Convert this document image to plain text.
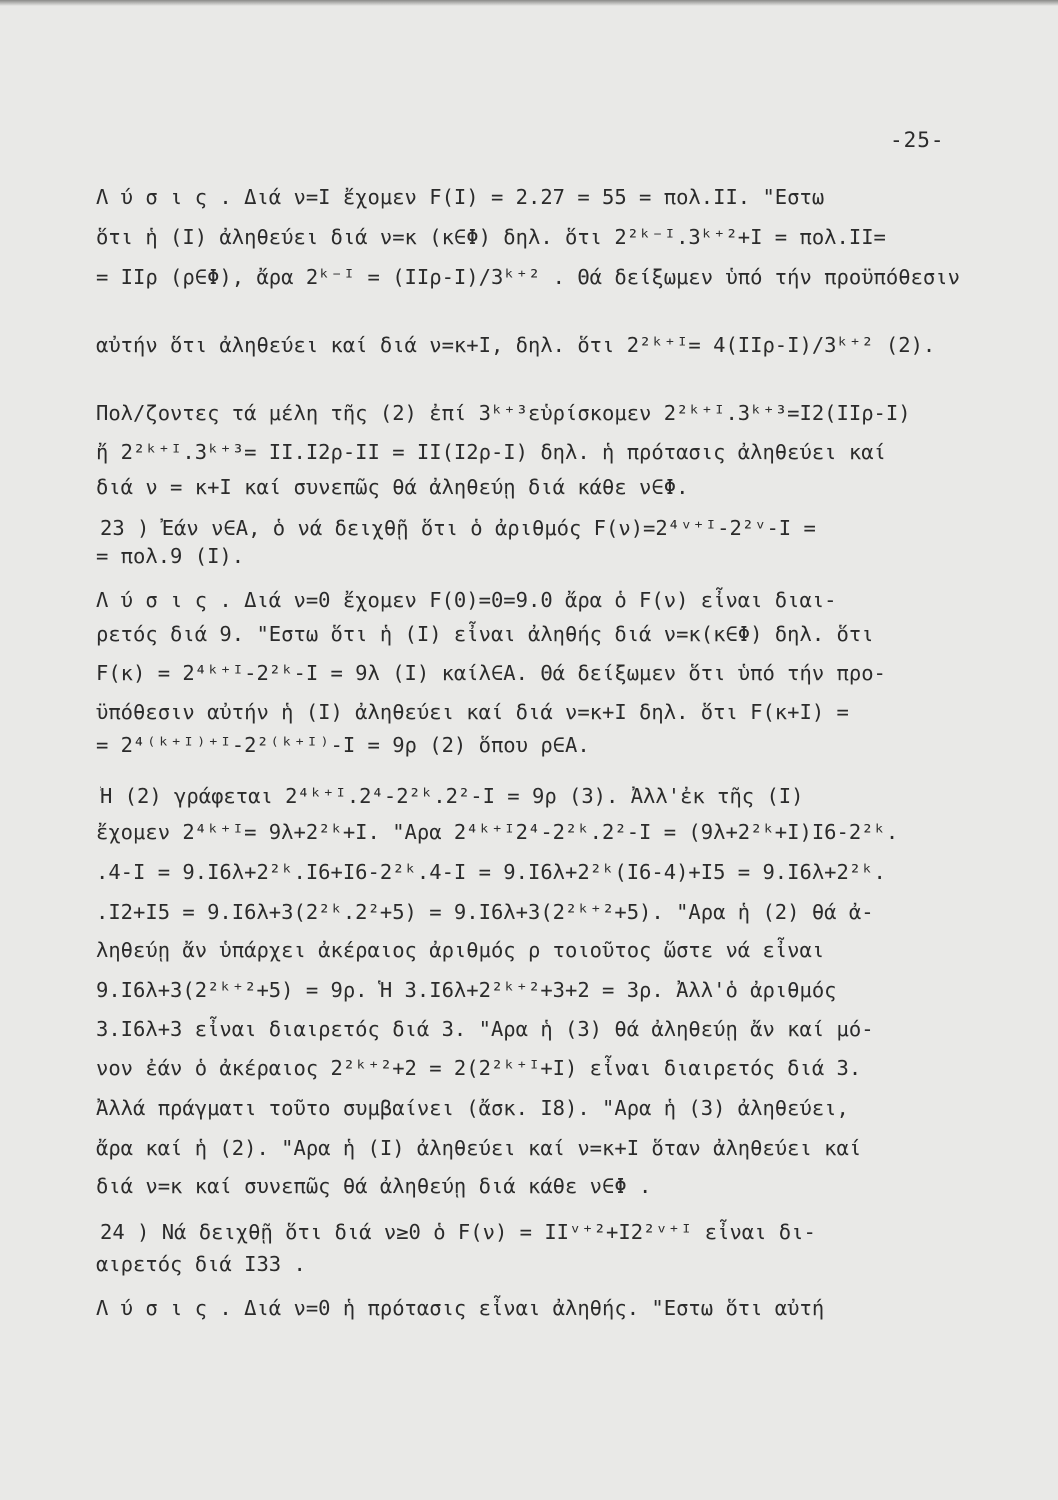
-25-
Λ ύ σ ι ς . Διά ν=Ι ἔχομεν F(Ι) = 2.27 = 55 = πολ.ΙΙ. "Εστω
ὅτι ἡ (Ι) ἀληθεύει διά ν=κ (κ∈Φ) δηλ. ὅτι 2²ᵏ⁻ᴵ.3ᵏ⁺²+Ι = πολ.ΙΙ=
= ΙΙρ (ρ∈Φ), ἄρα 2ᵏ⁻ᴵ = (ΙΙρ-Ι)/3ᵏ⁺² . Θά δείξωμεν ὑπό τήν προϋπόθεσιν
αὐτήν ὅτι ἀληθεύει καί διά ν=κ+Ι, δηλ. ὅτι 2²ᵏ⁺ᴵ= 4(ΙΙρ-Ι)/3ᵏ⁺² (2).
Πολ/ζοντες τά μέλη τῆς (2) ἐπί 3ᵏ⁺³εὑρίσκομεν 2²ᵏ⁺ᴵ.3ᵏ⁺³=Ι2(ΙΙρ-Ι)
ἤ 2²ᵏ⁺ᴵ.3ᵏ⁺³= ΙΙ.Ι2ρ-ΙΙ = ΙΙ(Ι2ρ-Ι) δηλ. ἡ πρότασις ἀληθεύει καί
διά ν = κ+Ι καί συνεπῶς θά ἀληθεύῃ διά κάθε ν∈Φ.
23 ) Ἐάν ν∈Α, ὁ νά δειχθῇ ὅτι ὁ ἀριθμός F(ν)=2⁴ᵛ⁺ᴵ-2²ᵛ-Ι =
= πολ.9 (Ι).
Λ ύ σ ι ς . Διά ν=0 ἔχομεν F(0)=0=9.0 ἄρα ὁ F(ν) εἶναι διαι-
ρετός διά 9. "Εστω ὅτι ἡ (Ι) εἶναι ἀληθής διά ν=κ(κ∈Φ) δηλ. ὅτι
F(κ) = 2⁴ᵏ⁺ᴵ-2²ᵏ-Ι = 9λ (Ι) καίλ∈Α. Θά δείξωμεν ὅτι ὑπό τήν προ-
ϋπόθεσιν αὐτήν ἡ (Ι) ἀληθεύει καί διά ν=κ+Ι δηλ. ὅτι F(κ+Ι) =
= 2⁴⁽ᵏ⁺ᴵ⁾⁺ᴵ-2²⁽ᵏ⁺ᴵ⁾-Ι = 9ρ (2) ὅπου ρ∈Α.
Ἡ (2) γράφεται 2⁴ᵏ⁺ᴵ.2⁴-2²ᵏ.2²-Ι = 9ρ (3). Ἀλλ'ἐκ τῆς (Ι)
ἔχομεν 2⁴ᵏ⁺ᴵ= 9λ+2²ᵏ+Ι. "Αρα 2⁴ᵏ⁺ᴵ2⁴-2²ᵏ.2²-Ι = (9λ+2²ᵏ+Ι)Ι6-2²ᵏ.
.4-Ι = 9.Ι6λ+2²ᵏ.Ι6+Ι6-2²ᵏ.4-Ι = 9.Ι6λ+2²ᵏ(Ι6-4)+Ι5 = 9.Ι6λ+2²ᵏ.
.Ι2+Ι5 = 9.Ι6λ+3(2²ᵏ.2²+5) = 9.Ι6λ+3(2²ᵏ⁺²+5). "Αρα ἡ (2) θά ἀ-
ληθεύῃ ἄν ὑπάρχει ἀκέραιος ἀριθμός ρ τοιοῦτος ὥστε νά εἶναι
9.Ι6λ+3(2²ᵏ⁺²+5) = 9ρ. Ἡ 3.Ι6λ+2²ᵏ⁺²+3+2 = 3ρ. Ἀλλ'ὁ ἀριθμός
3.Ι6λ+3 εἶναι διαιρετός διά 3. "Αρα ἡ (3) θά ἀληθεύῃ ἄν καί μό-
νον ἐάν ὁ ἀκέραιος 2²ᵏ⁺²+2 = 2(2²ᵏ⁺ᴵ+Ι) εἶναι διαιρετός διά 3.
Ἀλλά πράγματι τοῦτο συμβαίνει (ἄσκ. Ι8). "Αρα ἡ (3) ἀληθεύει,
ἄρα καί ἡ (2). "Αρα ἡ (Ι) ἀληθεύει καί ν=κ+Ι ὅταν ἀληθεύει καί
διά ν=κ καί συνεπῶς θά ἀληθεύῃ διά κάθε ν∈Φ .
24 ) Νά δειχθῇ ὅτι διά ν≥0 ὁ F(ν) = ΙΙᵛ⁺²+Ι2²ᵛ⁺ᴵ εἶναι δι-
αιρετός διά Ι33 .
Λ ύ σ ι ς . Διά ν=0 ἡ πρότασις εἶναι ἀληθής. "Εστω ὅτι αὐτή
